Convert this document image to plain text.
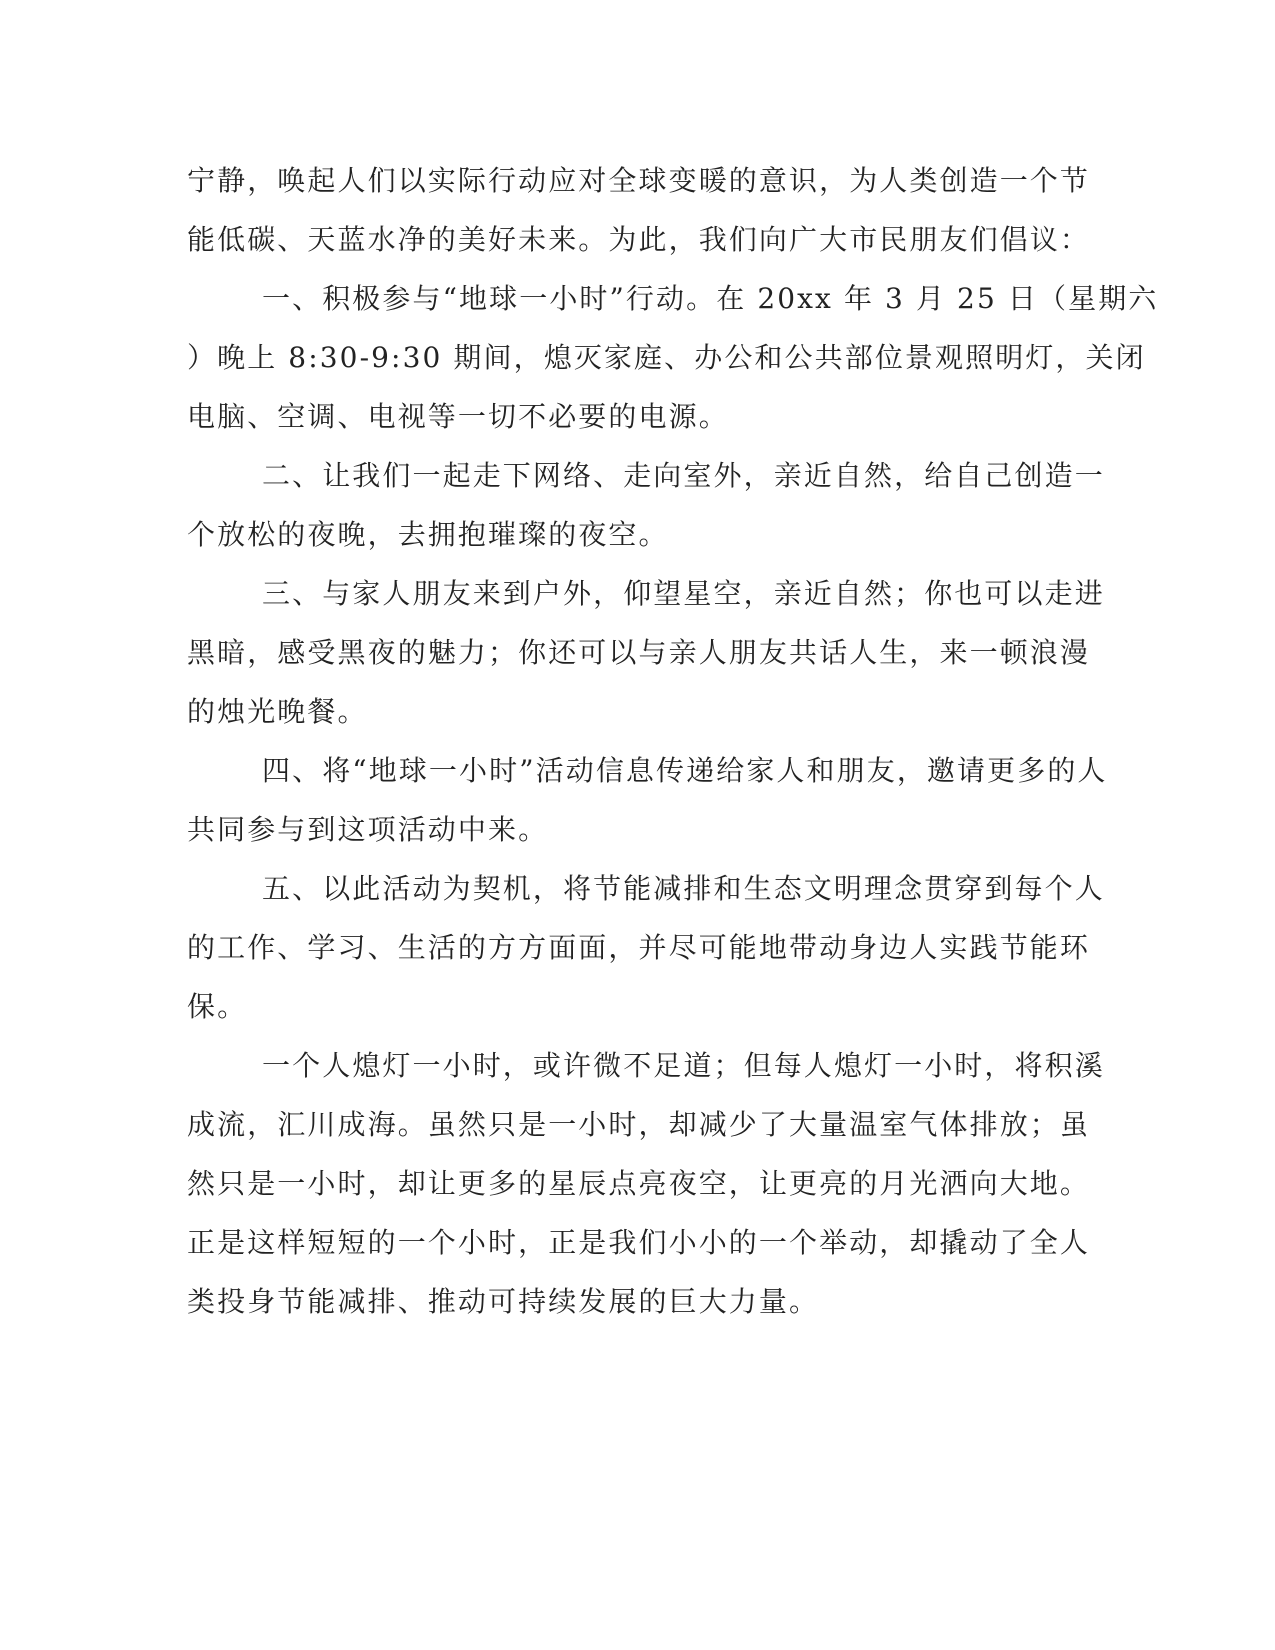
宁静，唤起人们以实际行动应对全球变暖的意识，为人类创造一个节
能低碳、天蓝水净的美好未来。为此，我们向广大市民朋友们倡议：
一、积极参与“地球一小时”行动。在 20xx 年 3 月 25 日（星期六
）晚上 8:30-9:30 期间，熄灭家庭、办公和公共部位景观照明灯，关闭
电脑、空调、电视等一切不必要的电源。
二、让我们一起走下网络、走向室外，亲近自然，给自己创造一
个放松的夜晚，去拥抱璀璨的夜空。
三、与家人朋友来到户外，仰望星空，亲近自然；你也可以走进
黑暗，感受黑夜的魅力；你还可以与亲人朋友共话人生，来一顿浪漫
的烛光晚餐。
四、将“地球一小时”活动信息传递给家人和朋友，邀请更多的人
共同参与到这项活动中来。
五、以此活动为契机，将节能减排和生态文明理念贯穿到每个人
的工作、学习、生活的方方面面，并尽可能地带动身边人实践节能环
保。
一个人熄灯一小时，或许微不足道；但每人熄灯一小时，将积溪
成流，汇川成海。虽然只是一小时，却减少了大量温室气体排放；虽
然只是一小时，却让更多的星辰点亮夜空，让更亮的月光洒向大地。
正是这样短短的一个小时，正是我们小小的一个举动，却撬动了全人
类投身节能减排、推动可持续发展的巨大力量。
